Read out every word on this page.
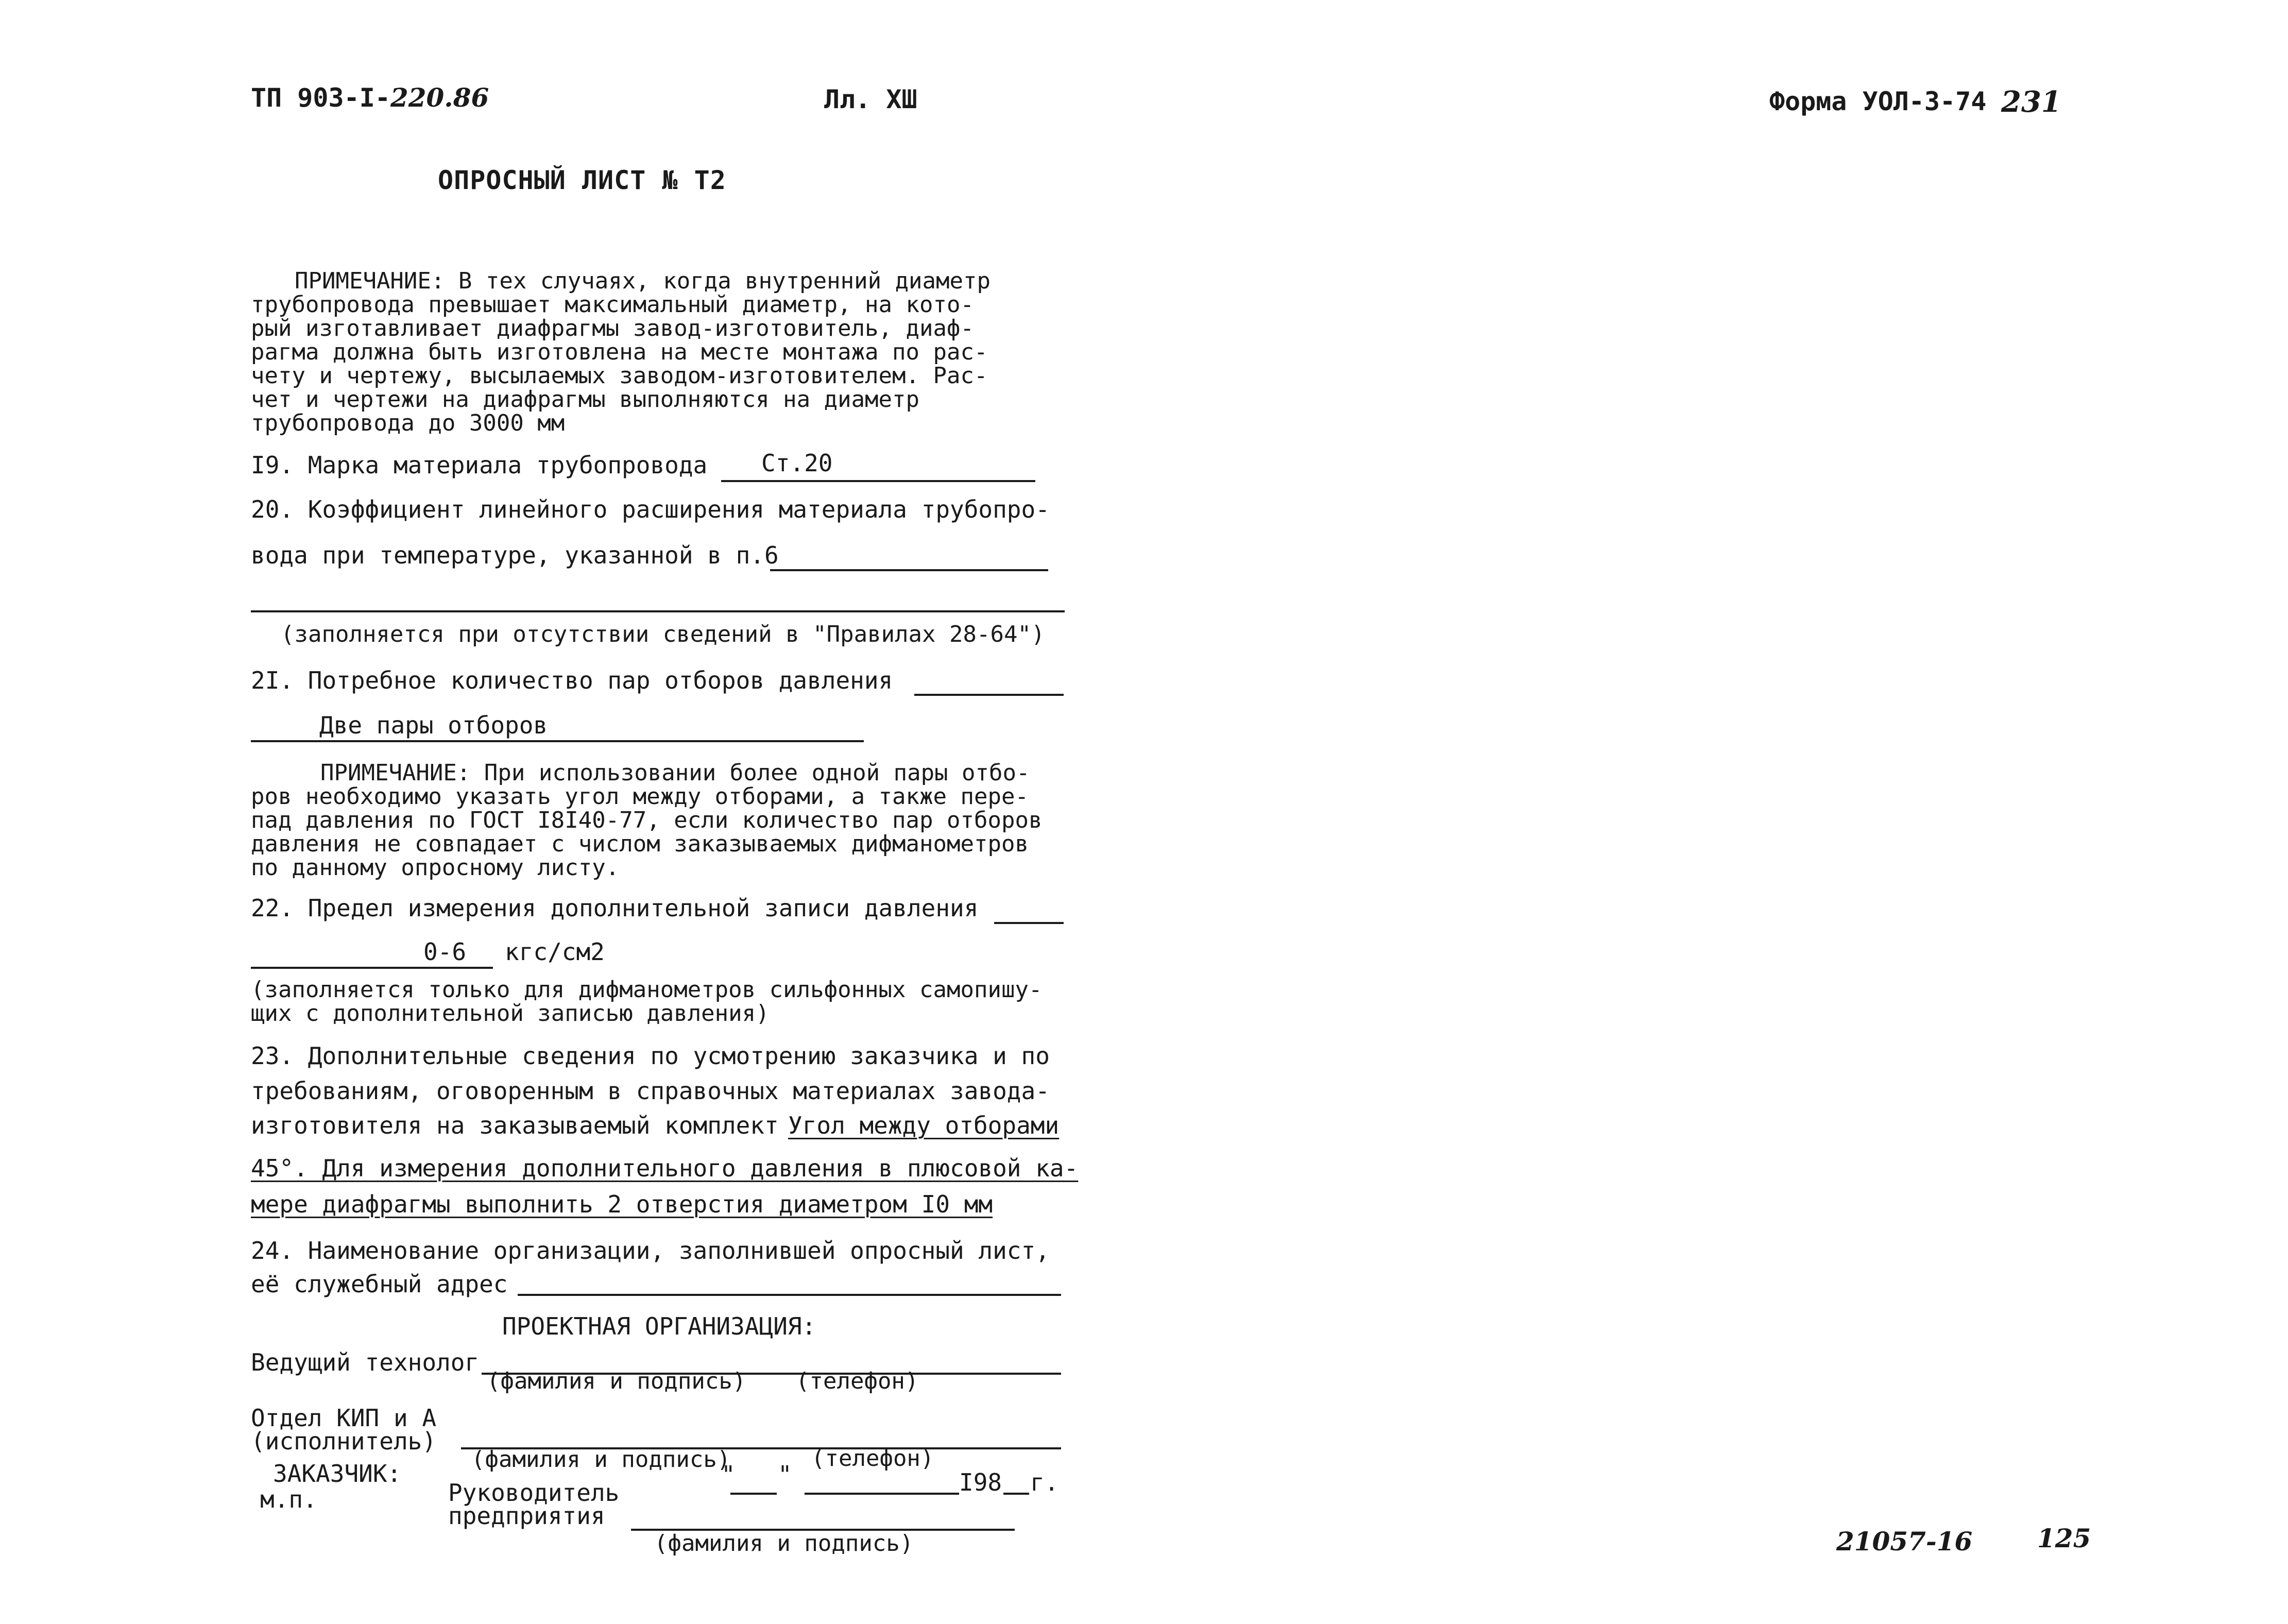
ТП 903-I-220.86	Лл. XШ	Форма УОЛ-3-74 231
ОПРОСНЫЙ ЛИСТ № Т2
ПРИМЕЧАНИЕ: В тех случаях, когда внутренний диаметр
трубопровода превышает максимальный диаметр, на кото-
рый изготавливает диафрагмы завод-изготовитель, диаф-
рагма должна быть изготовлена на месте монтажа по рас-
чету и чертежу, высылаемых заводом-изготовителем. Рас-
чет и чертежи на диафрагмы выполняются на диаметр
трубопровода до 3000 мм
I9. Марка материала трубопровода Ст.20
20. Коэффициент линейного расширения материала трубопро-
вода при температуре, указанной в п.6
(заполняется при отсутствии сведений в "Правилах 28-64")
2I. Потребное количество пар отборов давления
Две пары отборов
ПРИМЕЧАНИЕ: При использовании более одной пары отбо-
ров необходимо указать угол между отборами, а также пере-
пад давления по ГОСТ I8I40-77, если количество пар отборов
давления не совпадает с числом заказываемых дифманометров
по данному опросному листу.
22. Предел измерения дополнительной записи давления
0-6 кгс/см2
(заполняется только для дифманометров сильфонных самопишу-
щих с дополнительной записью давления)
23. Дополнительные сведения по усмотрению заказчика и по
требованиям, оговоренным в справочных материалах завода-
изготовителя на заказываемый комплект Угол между отборами
45°. Для измерения дополнительного давления в плюсовой ка-
мере диафрагмы выполнить 2 отверстия диаметром I0 мм
24. Наименование организации, заполнившей опросный лист,
её служебный адрес
ПРОЕКТНАЯ ОРГАНИЗАЦИЯ:
Ведущий технолог
(фамилия и подпись) (телефон)
Отдел КИП и А
(исполнитель)
(фамилия и подпись)	(телефон)
ЗАКАЗЧИК:
м.п.	Руководитель
предприятия
" "	I98 г.
(фамилия и подпись)	21057-16	125
